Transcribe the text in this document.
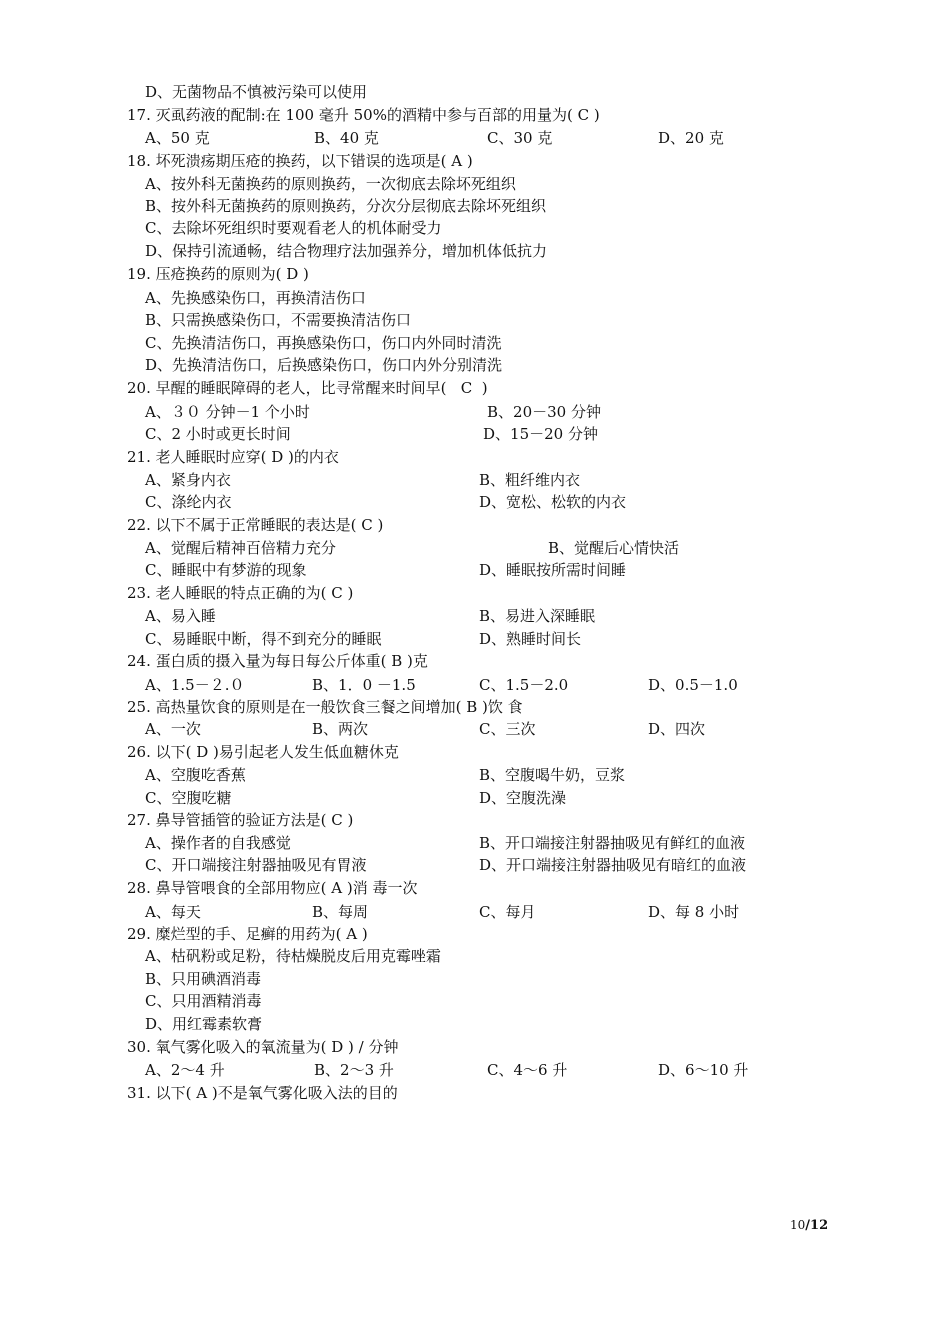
D、无菌物品不慎被污染可以使用
17. 灭虱药液的配制:在 100 毫升 50%的酒精中参与百部的用量为( C )
A、50 克	B、40 克	C、30 克	D、20 克
18. 坏死溃疡期压疮的换药，以下错误的选项是( A )
A、按外科无菌换药的原则换药，一次彻底去除坏死组织
B、按外科无菌换药的原则换药，分次分层彻底去除坏死组织
C、去除坏死组织时要观看老人的机体耐受力
D、保持引流通畅，结合物理疗法加强养分，增加机体低抗力
19. 压疮换药的原则为( D )
A、先换感染伤口，再换清洁伤口
B、只需换感染伤口，不需要换清洁伤口
C、先换清洁伤口，再换感染伤口，伤口内外同时清洗
D、先换清洁伤口，后换感染伤口，伤口内外分别清洗
20. 早醒的睡眠障碍的老人，比寻常醒来时间早(   C  )
A、３０ 分钟－1 个小时	B、20－30 分钟
C、2 小时或更长时间	D、15－20 分钟
21. 老人睡眠时应穿( D )的内衣
A、紧身内衣	B、粗纤维内衣
C、涤纶内衣	D、宽松、松软的内衣
22. 以下不属于正常睡眠的表达是( C )
A、觉醒后精神百倍精力充分	B、觉醒后心情快活
C、睡眠中有梦游的现象	D、睡眠按所需时间睡
23. 老人睡眠的特点正确的为( C )
A、易入睡	B、易进入深睡眠
C、易睡眠中断，得不到充分的睡眠	D、熟睡时间长
24. 蛋白质的摄入量为每日每公斤体重( B )克
A、1.5－２.０	B、1．0 －1.5	C、1.5－2.0	D、0.5－1.0
25. 高热量饮食的原则是在一般饮食三餐之间增加( B )饮 食
A、一次	B、两次	C、三次	D、四次
26. 以下( D )易引起老人发生低血糖休克
A、空腹吃香蕉	B、空腹喝牛奶，豆浆
C、空腹吃糖	D、空腹洗澡
27. 鼻导管插管的验证方法是( C )
A、操作者的自我感觉	B、开口端接注射器抽吸见有鲜红的血液
C、开口端接注射器抽吸见有胃液	D、开口端接注射器抽吸见有暗红的血液
28. 鼻导管喂食的全部用物应( A )消 毒一次
A、每天	B、每周	C、每月	D、每 8 小时
29. 糜烂型的手、足癣的用药为( A )
A、枯矾粉或足粉，待枯燥脱皮后用克霉唑霜
B、只用碘酒消毒
C、只用酒精消毒
D、用红霉素软膏
30. 氧气雾化吸入的氧流量为( D ) / 分钟
A、2～4 升	B、2～3 升	C、4～6 升	D、6～10 升
31. 以下( A )不是氧气雾化吸入法的目的
10/12
